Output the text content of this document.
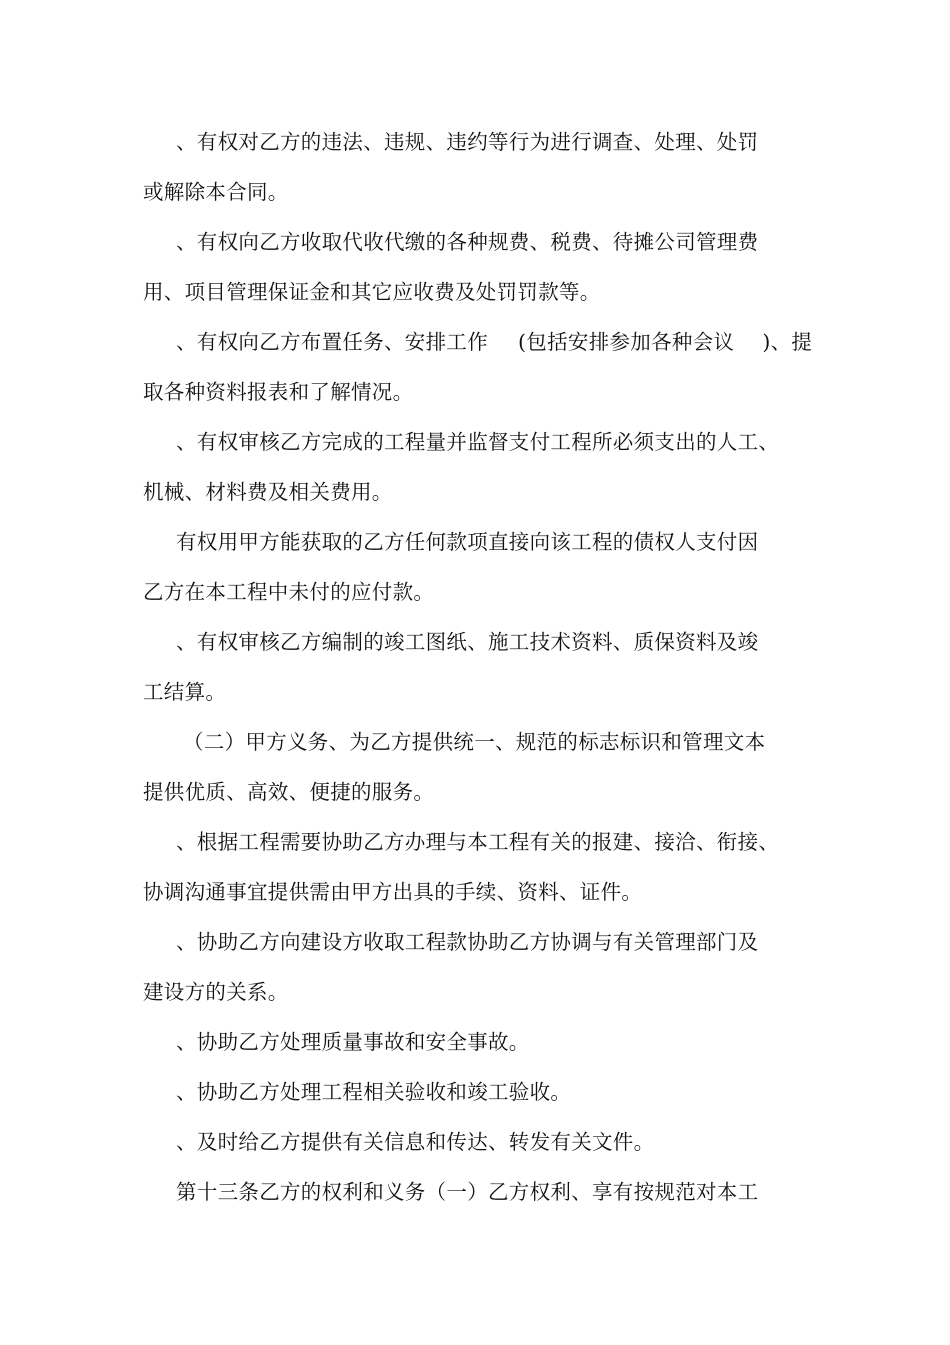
、有权对乙方的违法、违规、违约等行为进行调查、处理、处罚
或解除本合同。
、有权向乙方收取代收代缴的各种规费、税费、待摊公司管理费
用、项目管理保证金和其它应收费及处罚罚款等。
、有权向乙方布置任务、安排工作 (包括安排参加各种会议 )、提
取各种资料报表和了解情况。
、有权审核乙方完成的工程量并监督支付工程所必须支出的人工、
机械、材料费及相关费用。
有权用甲方能获取的乙方任何款项直接向该工程的债权人支付因
乙方在本工程中未付的应付款。
、有权审核乙方编制的竣工图纸、施工技术资料、质保资料及竣
工结算。
（二）甲方义务、为乙方提供统一、规范的标志标识和管理文本
提供优质、高效、便捷的服务。
、根据工程需要协助乙方办理与本工程有关的报建、接洽、衔接、
协调沟通事宜提供需由甲方出具的手续、资料、证件。
、协助乙方向建设方收取工程款协助乙方协调与有关管理部门及
建设方的关系。
、协助乙方处理质量事故和安全事故。
、协助乙方处理工程相关验收和竣工验收。
、及时给乙方提供有关信息和传达、转发有关文件。
第十三条乙方的权利和义务（一）乙方权利、享有按规范对本工
